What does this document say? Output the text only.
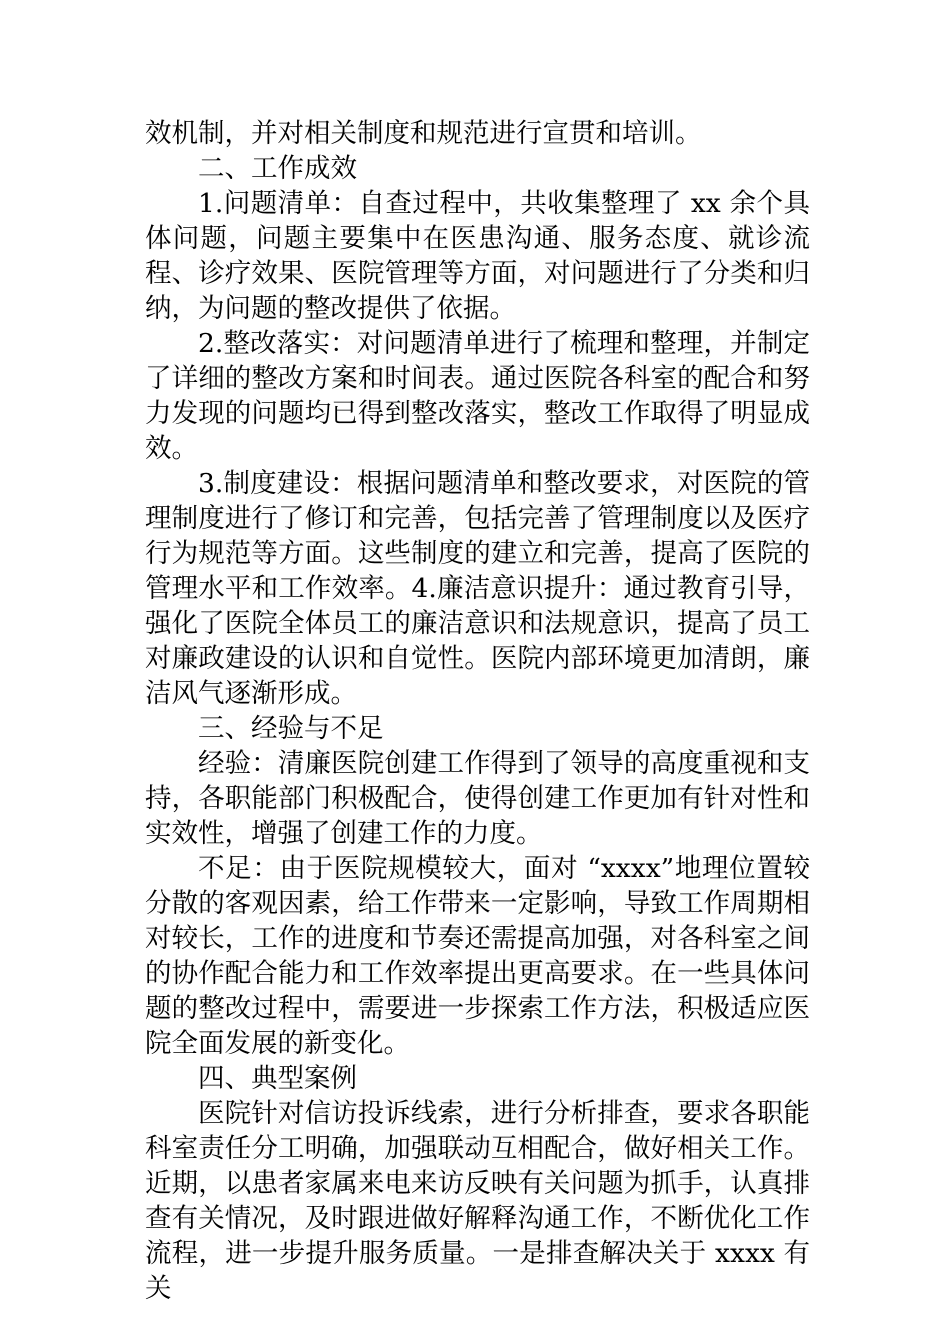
效机制，并对相关制度和规范进行宣贯和培训。

二、工作成效

1.问题清单：自查过程中，共收集整理了 xx 余个具体问题，问题主要集中在医患沟通、服务态度、就诊流程、诊疗效果、医院管理等方面，对问题进行了分类和归纳，为问题的整改提供了依据。

2.整改落实：对问题清单进行了梳理和整理，并制定了详细的整改方案和时间表。通过医院各科室的配合和努力发现的问题均已得到整改落实，整改工作取得了明显成效。

3.制度建设：根据问题清单和整改要求，对医院的管理制度进行了修订和完善，包括完善了管理制度以及医疗行为规范等方面。这些制度的建立和完善，提高了医院的管理水平和工作效率。4.廉洁意识提升：通过教育引导，强化了医院全体员工的廉洁意识和法规意识，提高了员工对廉政建设的认识和自觉性。医院内部环境更加清朗，廉洁风气逐渐形成。

三、经验与不足

经验：清廉医院创建工作得到了领导的高度重视和支持，各职能部门积极配合，使得创建工作更加有针对性和实效性，增强了创建工作的力度。

不足：由于医院规模较大，面对 “xxxx”地理位置较分散的客观因素，给工作带来一定影响，导致工作周期相对较长，工作的进度和节奏还需提高加强，对各科室之间的协作配合能力和工作效率提出更高要求。在一些具体问题的整改过程中，需要进一步探索工作方法，积极适应医院全面发展的新变化。

四、典型案例

医院针对信访投诉线索，进行分析排查，要求各职能科室责任分工明确，加强联动互相配合，做好相关工作。近期，以患者家属来电来访反映有关问题为抓手，认真排查有关情况，及时跟进做好解释沟通工作，不断优化工作流程，进一步提升服务质量。一是排查解决关于 xxxx 有关
